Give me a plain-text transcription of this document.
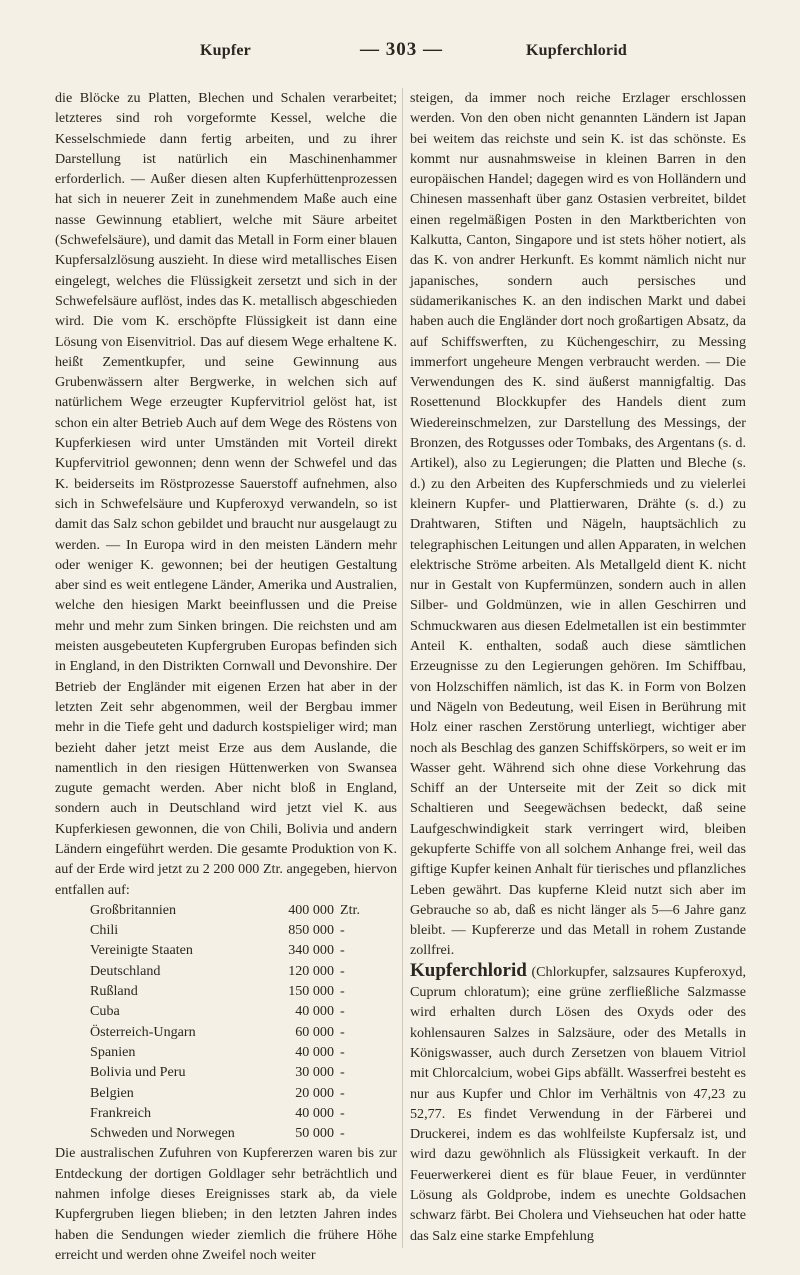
Kupfer	— 303 —	Kupferchlorid

die Blöcke zu Platten, Blechen und Schalen verarbeitet; letzteres sind roh vorgeformte Kessel, welche die Kesselschmiede dann fertig arbeiten, und zu ihrer Darstellung ist natürlich ein Maschinenhammer erforderlich. — Außer diesen alten Kupferhüttenprozessen hat sich in neuerer Zeit in zunehmendem Maße auch eine nasse Gewinnung etabliert, welche mit Säure arbeitet (Schwefelsäure), und damit das Metall in Form einer blauen Kupfersalzlösung auszieht. In diese wird metallisches Eisen eingelegt, welches die Flüssigkeit zersetzt und sich in der Schwefelsäure auflöst, indes das K. metallisch abgeschieden wird. Die vom K. erschöpfte Flüssigkeit ist dann eine Lösung von Eisenvitriol. Das auf diesem Wege erhaltene K. heißt Zementkupfer, und seine Gewinnung aus Grubenwässern alter Bergwerke, in welchen sich auf natürlichem Wege erzeugter Kupfervitriol gelöst hat, ist schon ein alter Betrieb Auch auf dem Wege des Röstens von Kupferkiesen wird unter Umständen mit Vorteil direkt Kupfervitriol gewonnen; denn wenn der Schwefel und das K. beiderseits im Röstprozesse Sauerstoff aufnehmen, also sich in Schwefelsäure und Kupferoxyd verwandeln, so ist damit das Salz schon gebildet und braucht nur ausgelaugt zu werden. — In Europa wird in den meisten Ländern mehr oder weniger K. gewonnen; bei der heutigen Gestaltung aber sind es weit entlegene Länder, Amerika und Australien, welche den hiesigen Markt beeinflussen und die Preise mehr und mehr zum Sinken bringen. Die reichsten und am meisten ausgebeuteten Kupfergruben Europas befinden sich in England, in den Distrikten Cornwall und Devonshire. Der Betrieb der Engländer mit eigenen Erzen hat aber in der letzten Zeit sehr abgenommen, weil der Bergbau immer mehr in die Tiefe geht und dadurch kostspieliger wird; man bezieht daher jetzt meist Erze aus dem Auslande, die namentlich in den riesigen Hüttenwerken von Swansea zugute gemacht werden. Aber nicht bloß in England, sondern auch in Deutschland wird jetzt viel K. aus Kupferkiesen gewonnen, die von Chili, Bolivia und andern Ländern eingeführt werden. Die gesamte Produktion von K. auf der Erde wird jetzt zu 2 200 000 Ztr. angegeben, hiervon entfallen auf:

Großbritannien	400 000	Ztr.
Chili	850 000	-
Vereinigte Staaten	340 000	-
Deutschland	120 000	-
Rußland	150 000	-
Cuba	40 000	-
Österreich-Ungarn	60 000	-
Spanien	40 000	-
Bolivia und Peru	30 000	-
Belgien	20 000	-
Frankreich	40 000	-
Schweden und Norwegen	50 000	-

Die australischen Zufuhren von Kupfererzen waren bis zur Entdeckung der dortigen Goldlager sehr beträchtlich und nahmen infolge dieses Ereignisses stark ab, da viele Kupfergruben liegen blieben; in den letzten Jahren indes haben die Sendungen wieder ziemlich die frühere Höhe erreicht und werden ohne Zweifel noch weiter

steigen, da immer noch reiche Erzlager erschlossen werden. Von den oben nicht genannten Ländern ist Japan bei weitem das reichste und sein K. ist das schönste. Es kommt nur ausnahmsweise in kleinen Barren in den europäischen Handel; dagegen wird es von Holländern und Chinesen massenhaft über ganz Ostasien verbreitet, bildet einen regelmäßigen Posten in den Marktberichten von Kalkutta, Canton, Singapore und ist stets höher notiert, als das K. von andrer Herkunft. Es kommt nämlich nicht nur japanisches, sondern auch persisches und südamerikanisches K. an den indischen Markt und dabei haben auch die Engländer dort noch großartigen Absatz, da auf Schiffswerften, zu Küchengeschirr, zu Messing immerfort ungeheure Mengen verbraucht werden. — Die Verwendungen des K. sind äußerst mannigfaltig. Das Rosettenund Blockkupfer des Handels dient zum Wiedereinschmelzen, zur Darstellung des Messings, der Bronzen, des Rotgusses oder Tombaks, des Argentans (s. d. Artikel), also zu Legierungen; die Platten und Bleche (s. d.) zu den Arbeiten des Kupferschmieds und zu vielerlei kleinern Kupfer- und Plattierwaren, Drähte (s. d.) zu Drahtwaren, Stiften und Nägeln, hauptsächlich zu telegraphischen Leitungen und allen Apparaten, in welchen elektrische Ströme arbeiten. Als Metallgeld dient K. nicht nur in Gestalt von Kupfermünzen, sondern auch in allen Silber- und Goldmünzen, wie in allen Geschirren und Schmuckwaren aus diesen Edelmetallen ist ein bestimmter Anteil K. enthalten, sodaß auch diese sämtlichen Erzeugnisse zu den Legierungen gehören. Im Schiffbau, von Holzschiffen nämlich, ist das K. in Form von Bolzen und Nägeln von Bedeutung, weil Eisen in Berührung mit Holz einer raschen Zerstörung unterliegt, wichtiger aber noch als Beschlag des ganzen Schiffskörpers, so weit er im Wasser geht. Während sich ohne diese Vorkehrung das Schiff an der Unterseite mit der Zeit so dick mit Schaltieren und Seegewächsen bedeckt, daß seine Laufgeschwindigkeit stark verringert wird, bleiben gekupferte Schiffe von all solchem Anhange frei, weil das giftige Kupfer keinen Anhalt für tierisches und pflanzliches Leben gewährt. Das kupferne Kleid nutzt sich aber im Gebrauche so ab, daß es nicht länger als 5—6 Jahre ganz bleibt. — Kupfererze und das Metall in rohem Zustande zollfrei.

Kupferchlorid (Chlorkupfer, salzsaures Kupferoxyd, Cuprum chloratum); eine grüne zerfließliche Salzmasse wird erhalten durch Lösen des Oxyds oder des kohlensauren Salzes in Salzsäure, oder des Metalls in Königswasser, auch durch Zersetzen von blauem Vitriol mit Chlorcalcium, wobei Gips abfällt. Wasserfrei besteht es nur aus Kupfer und Chlor im Verhältnis von 47,23 zu 52,77. Es findet Verwendung in der Färberei und Druckerei, indem es das wohlfeilste Kupfersalz ist, und wird dazu gewöhnlich als Flüssigkeit verkauft. In der Feuerwerkerei dient es für blaue Feuer, in verdünnter Lösung als Goldprobe, indem es unechte Goldsachen schwarz färbt. Bei Cholera und Viehseuchen hat oder hatte das Salz eine starke Empfehlung
